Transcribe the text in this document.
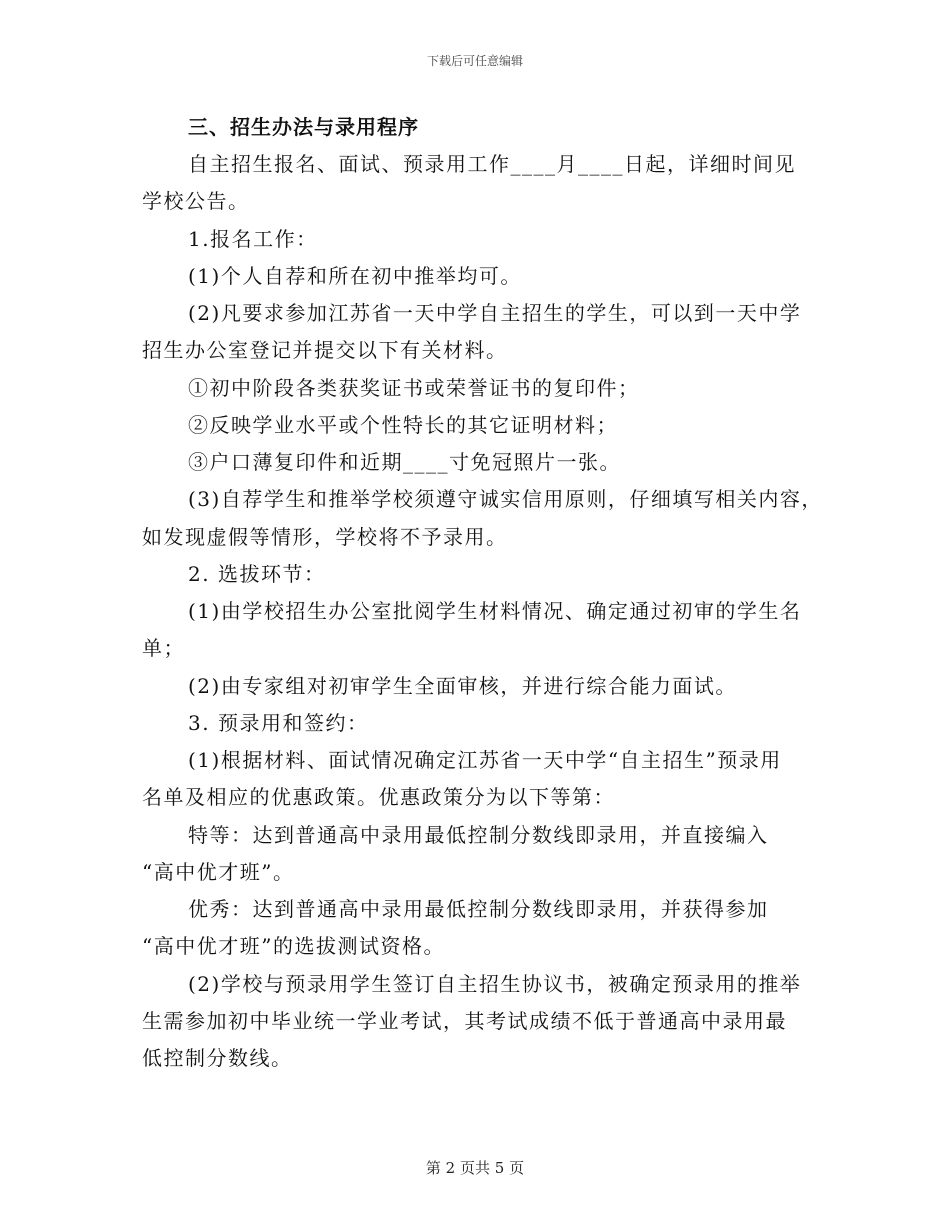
下载后可任意编辑
三、招生办法与录用程序
自主招生报名、面试、预录用工作____月____日起，详细时间见
学校公告。
1.报名工作：
(1)个人自荐和所在初中推举均可。
(2)凡要求参加江苏省一天中学自主招生的学生，可以到一天中学
招生办公室登记并提交以下有关材料。
①初中阶段各类获奖证书或荣誉证书的复印件；
②反映学业水平或个性特长的其它证明材料；
③户口薄复印件和近期____寸免冠照片一张。
(3)自荐学生和推举学校须遵守诚实信用原则，仔细填写相关内容，
如发现虚假等情形，学校将不予录用。
2. 选拔环节：
(1)由学校招生办公室批阅学生材料情况、确定通过初审的学生名
单；
(2)由专家组对初审学生全面审核，并进行综合能力面试。
3. 预录用和签约：
(1)根据材料、面试情况确定江苏省一天中学“自主招生”预录用
名单及相应的优惠政策。优惠政策分为以下等第：
特等：达到普通高中录用最低控制分数线即录用，并直接编入
“高中优才班”。
优秀：达到普通高中录用最低控制分数线即录用，并获得参加
“高中优才班”的选拔测试资格。
(2)学校与预录用学生签订自主招生协议书，被确定预录用的推举
生需参加初中毕业统一学业考试，其考试成绩不低于普通高中录用最
低控制分数线。
第 2 页共 5 页
